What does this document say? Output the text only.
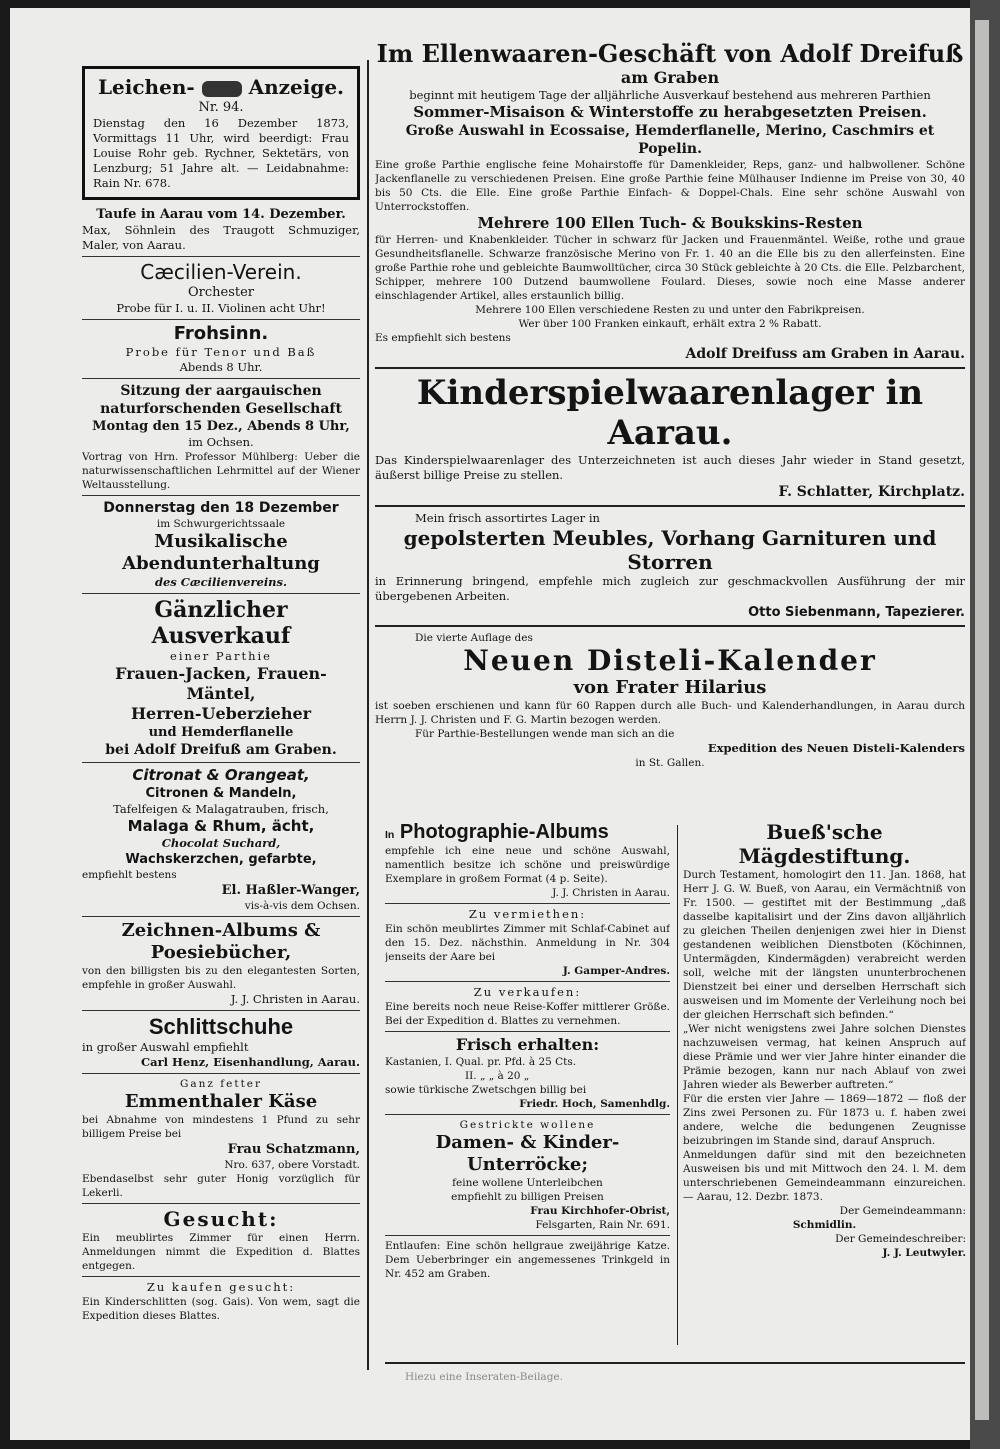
Leichen-	Anzeige.

Nr. 94.

Dienstag den 16 Dezember 1873, Vormittags 11 Uhr, wird beerdigt: Frau Louise Rohr geb. Rychner, Sektetärs, von Lenzburg; 51 Jahre alt. — Leidabnahme: Rain Nr. 678.

Taufe in Aarau vom 14. Dezember.

Max, Söhnlein des Traugott Schmuziger, Maler, von Aarau.

Cæcilien-Verein.

Orchester

Probe für I. u. II. Violinen acht Uhr!

Frohsinn.

Probe für Tenor und Baß

Abends 8 Uhr.

Sitzung der aargauischen naturforschenden Gesellschaft

Montag den 15 Dez., Abends 8 Uhr,

im Ochsen.

Vortrag von Hrn. Professor Mühlberg: Ueber die naturwissenschaftlichen Lehrmittel auf der Wiener Weltausstellung.

Donnerstag den 18 Dezember

im Schwurgerichtssaale

Musikalische Abendunterhaltung

des Cæcilienvereins.

Gänzlicher Ausverkauf

einer Parthie

Frauen-Jacken, Frauen-Mäntel,

Herren-Ueberzieher

und Hemderflanelle

bei Adolf Dreifuß am Graben.

Citronat & Orangeat,

Citronen & Mandeln,

Tafelfeigen & Malagatrauben, frisch,

Malaga & Rhum, ächt,

Chocolat Suchard,

Wachskerzchen, gefarbte,

empfiehlt bestens

El. Haßler-Wanger,

vis-à-vis dem Ochsen.

Zeichnen-Albums & Poesiebücher,

von den billigsten bis zu den elegantesten Sorten, empfehle in großer Auswahl.

J. J. Christen in Aarau.

Schlittschuhe

in großer Auswahl empfiehlt

Carl Henz, Eisenhandlung, Aarau.

Ganz fetter

Emmenthaler Käse

bei Abnahme von mindestens 1 Pfund zu sehr billigem Preise bei

Frau Schatzmann,

Nro. 637, obere Vorstadt.

Ebendaselbst sehr guter Honig vorzüglich für Lekerli.

Gesucht:

Ein meublirtes Zimmer für einen Herrn. Anmeldungen nimmt die Expedition d. Blattes entgegen.

Zu kaufen gesucht:

Ein Kinderschlitten (sog. Gais). Von wem, sagt die Expedition dieses Blattes.

Im Ellenwaaren-Geschäft von Adolf Dreifuß

am Graben

beginnt mit heutigem Tage der alljährliche Ausverkauf bestehend aus mehreren Parthien

Sommer-Misaison & Winterstoffe zu herabgesetzten Preisen.

Große Auswahl in Ecossaise, Hemderflanelle, Merino, Caschmirs et Popelin.

Eine große Parthie englische feine Mohairstoffe für Damenkleider, Reps, ganz- und halbwollener. Schöne Jackenflanelle zu verschiedenen Preisen. Eine große Parthie feine Mülhauser Indienne im Preise von 30, 40 bis 50 Cts. die Elle. Eine große Parthie Einfach- & Doppel-Chals. Eine sehr schöne Auswahl von Unterrockstoffen.

Mehrere 100 Ellen Tuch- & Boukskins-Resten

für Herren- und Knabenkleider. Tücher in schwarz für Jacken und Frauenmäntel. Weiße, rothe und graue Gesundheitsflanelle. Schwarze französische Merino von Fr. 1. 40 an die Elle bis zu den allerfeinsten. Eine große Parthie rohe und gebleichte Baumwolltücher, circa 30 Stück gebleichte à 20 Cts. die Elle. Pelzbarchent, Schipper, mehrere 100 Dutzend baumwollene Foulard. Dieses, sowie noch eine Masse anderer einschlagender Artikel, alles erstaunlich billig.

Mehrere 100 Ellen verschiedene Resten zu und unter den Fabrikpreisen.

Wer über 100 Franken einkauft, erhält extra 2 % Rabatt.

Es empfiehlt sich bestens

Adolf Dreifuss am Graben in Aarau.

Kinderspielwaarenlager in Aarau.

Das Kinderspielwaarenlager des Unterzeichneten ist auch dieses Jahr wieder in Stand gesetzt, äußerst billige Preise zu stellen.

F. Schlatter, Kirchplatz.

Mein frisch assortirtes Lager in

gepolsterten Meubles, Vorhang Garnituren und Storren

in Erinnerung bringend, empfehle mich zugleich zur geschmackvollen Ausführung der mir übergebenen Arbeiten.

Otto Siebenmann, Tapezierer.

Die vierte Auflage des

Neuen Disteli-Kalender

von Frater Hilarius

ist soeben erschienen und kann für 60 Rappen durch alle Buch- und Kalenderhandlungen, in Aarau durch Herrn J. J. Christen und F. G. Martin bezogen werden.

Für Parthie-Bestellungen wende man sich an die

Expedition des Neuen Disteli-Kalenders

in St. Gallen.

In Photographie-Albums

empfehle ich eine neue und schöne Auswahl, namentlich besitze ich schöne und preiswürdige Exemplare in großem Format (4 p. Seite).

J. J. Christen in Aarau.

Zu vermiethen:

Ein schön meublirtes Zimmer mit Schlaf-Cabinet auf den 15. Dez. nächsthin. Anmeldung in Nr. 304 jenseits der Aare bei

J. Gamper-Andres.

Zu verkaufen:

Eine bereits noch neue Reise-Koffer mittlerer Größe. Bei der Expedition d. Blattes zu vernehmen.

Frisch erhalten:

Kastanien, I. Qual. pr. Pfd. à 25 Cts.

II. „ „ à 20 „

sowie türkische Zwetschgen billig bei

Friedr. Hoch, Samenhdlg.

Gestrickte wollene

Damen- & Kinder-Unterröcke;

feine wollene Unterleibchen

empfiehlt zu billigen Preisen

Frau Kirchhofer-Obrist,

Felsgarten, Rain Nr. 691.

Entlaufen: Eine schön hellgraue zweijährige Katze. Dem Ueberbringer ein angemessenes Trinkgeld in Nr. 452 am Graben.

Bueß'sche Mägdestiftung.

Durch Testament, homologirt den 11. Jan. 1868, hat Herr J. G. W. Bueß, von Aarau, ein Vermächtniß von Fr. 1500. — gestiftet mit der Bestimmung „daß dasselbe kapitalisirt und der Zins davon alljährlich zu gleichen Theilen denjenigen zwei hier in Dienst gestandenen weiblichen Dienstboten (Köchinnen, Untermägden, Kindermägden) verabreicht werden soll, welche mit der längsten ununterbrochenen Dienstzeit bei einer und derselben Herrschaft sich ausweisen und im Momente der Verleihung noch bei der gleichen Herrschaft sich befinden.“

„Wer nicht wenigstens zwei Jahre solchen Dienstes nachzuweisen vermag, hat keinen Anspruch auf diese Prämie und wer vier Jahre hinter einander die Prämie bezogen, kann nur nach Ablauf von zwei Jahren wieder als Bewerber auftreten.“

Für die ersten vier Jahre — 1869—1872 — floß der Zins zwei Personen zu. Für 1873 u. f. haben zwei andere, welche die bedungenen Zeugnisse beizubringen im Stande sind, darauf Anspruch.

Anmeldungen dafür sind mit den bezeichneten Ausweisen bis und mit Mittwoch den 24. l. M. dem unterschriebenen Gemeindeammann einzureichen. — Aarau, 12. Dezbr. 1873.

Der Gemeindeammann:

Schmidlin.

Der Gemeindeschreiber:

J. J. Leutwyler.

Hiezu eine Inseraten-Beilage.
